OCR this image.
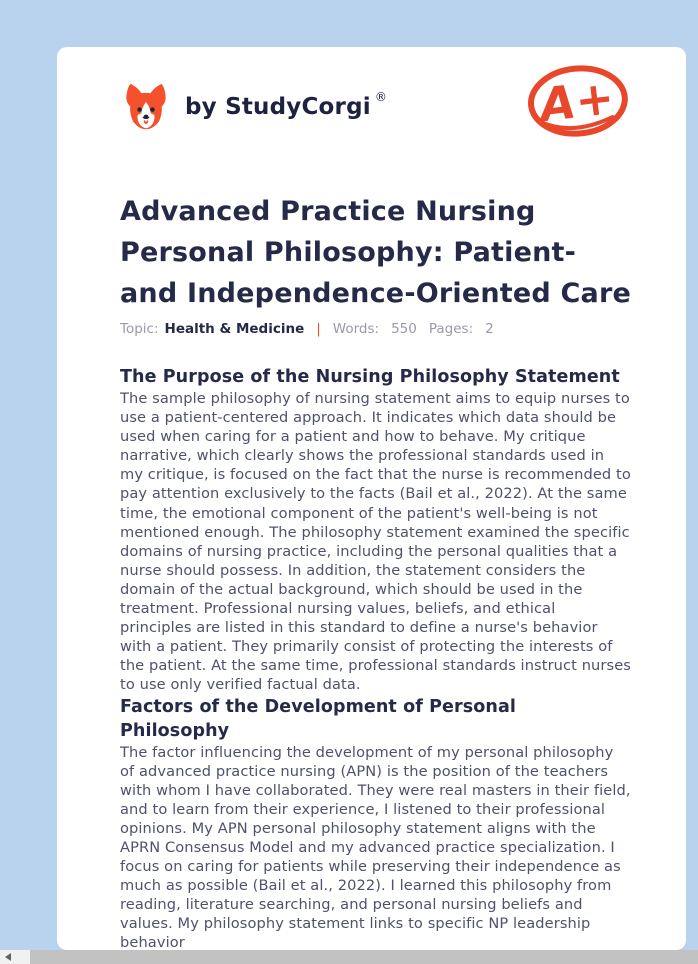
by StudyCorgi ®	A+
Advanced Practice Nursing Personal Philosophy: Patient- and Independence-Oriented Care
Topic: Health & Medicine | Words: 550 Pages: 2
The Purpose of the Nursing Philosophy Statement

The sample philosophy of nursing statement aims to equip nurses to use a patient-centered approach. It indicates which data should be used when caring for a patient and how to behave. My critique narrative, which clearly shows the professional standards used in my critique, is focused on the fact that the nurse is recommended to pay attention exclusively to the facts (Bail et al., 2022). At the same time, the emotional component of the patient's well-being is not mentioned enough. The philosophy statement examined the specific domains of nursing practice, including the personal qualities that a nurse should possess. In addition, the statement considers the domain of the actual background, which should be used in the treatment. Professional nursing values, beliefs, and ethical principles are listed in this standard to define a nurse's behavior with a patient. They primarily consist of protecting the interests of the patient. At the same time, professional standards instruct nurses to use only verified factual data.

Factors of the Development of Personal Philosophy

The factor influencing the development of my personal philosophy of advanced practice nursing (APN) is the position of the teachers with whom I have collaborated. They were real masters in their field, and to learn from their experience, I listened to their professional opinions. My APN personal philosophy statement aligns with the APRN Consensus Model and my advanced practice specialization. I focus on caring for patients while preserving their independence as much as possible (Bail et al., 2022). I learned this philosophy from reading, literature searching, and personal nursing beliefs and values. My philosophy statement links to specific NP leadership behavior
